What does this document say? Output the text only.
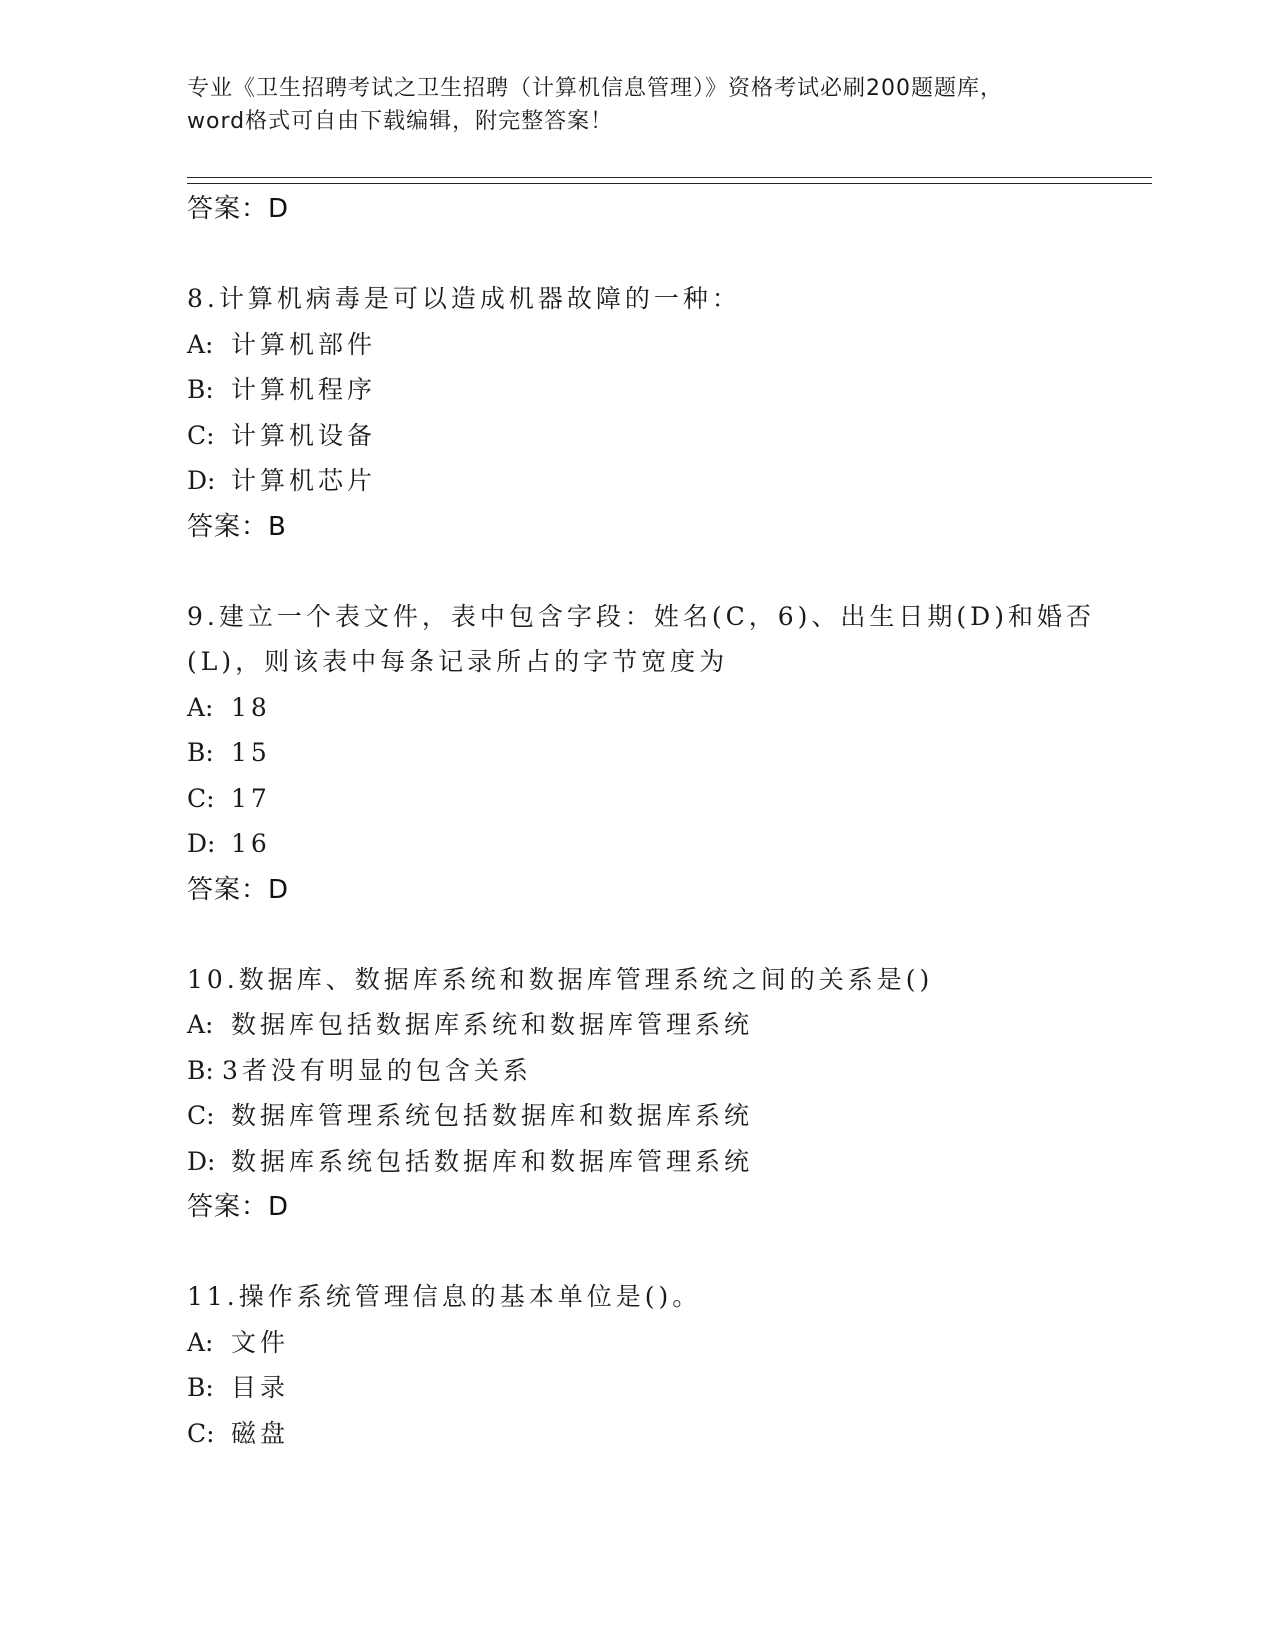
专业《卫生招聘考试之卫生招聘（计算机信息管理）》资格考试必刷200题题库，
word格式可自由下载编辑，附完整答案！
答案：D
8.计算机病毒是可以造成机器故障的一种：
A: 计算机部件
B: 计算机程序
C: 计算机设备
D: 计算机芯片
答案：B
9.建立一个表文件，表中包含字段：姓名(C，6)、出生日期(D)和婚否(L)，则该表中每条记录所占的字节宽度为
A: 18
B: 15
C: 17
D: 16
答案：D
10.数据库、数据库系统和数据库管理系统之间的关系是()
A: 数据库包括数据库系统和数据库管理系统
B: 3者没有明显的包含关系
C: 数据库管理系统包括数据库和数据库系统
D: 数据库系统包括数据库和数据库管理系统
答案：D
11.操作系统管理信息的基本单位是()。
A: 文件
B: 目录
C: 磁盘
